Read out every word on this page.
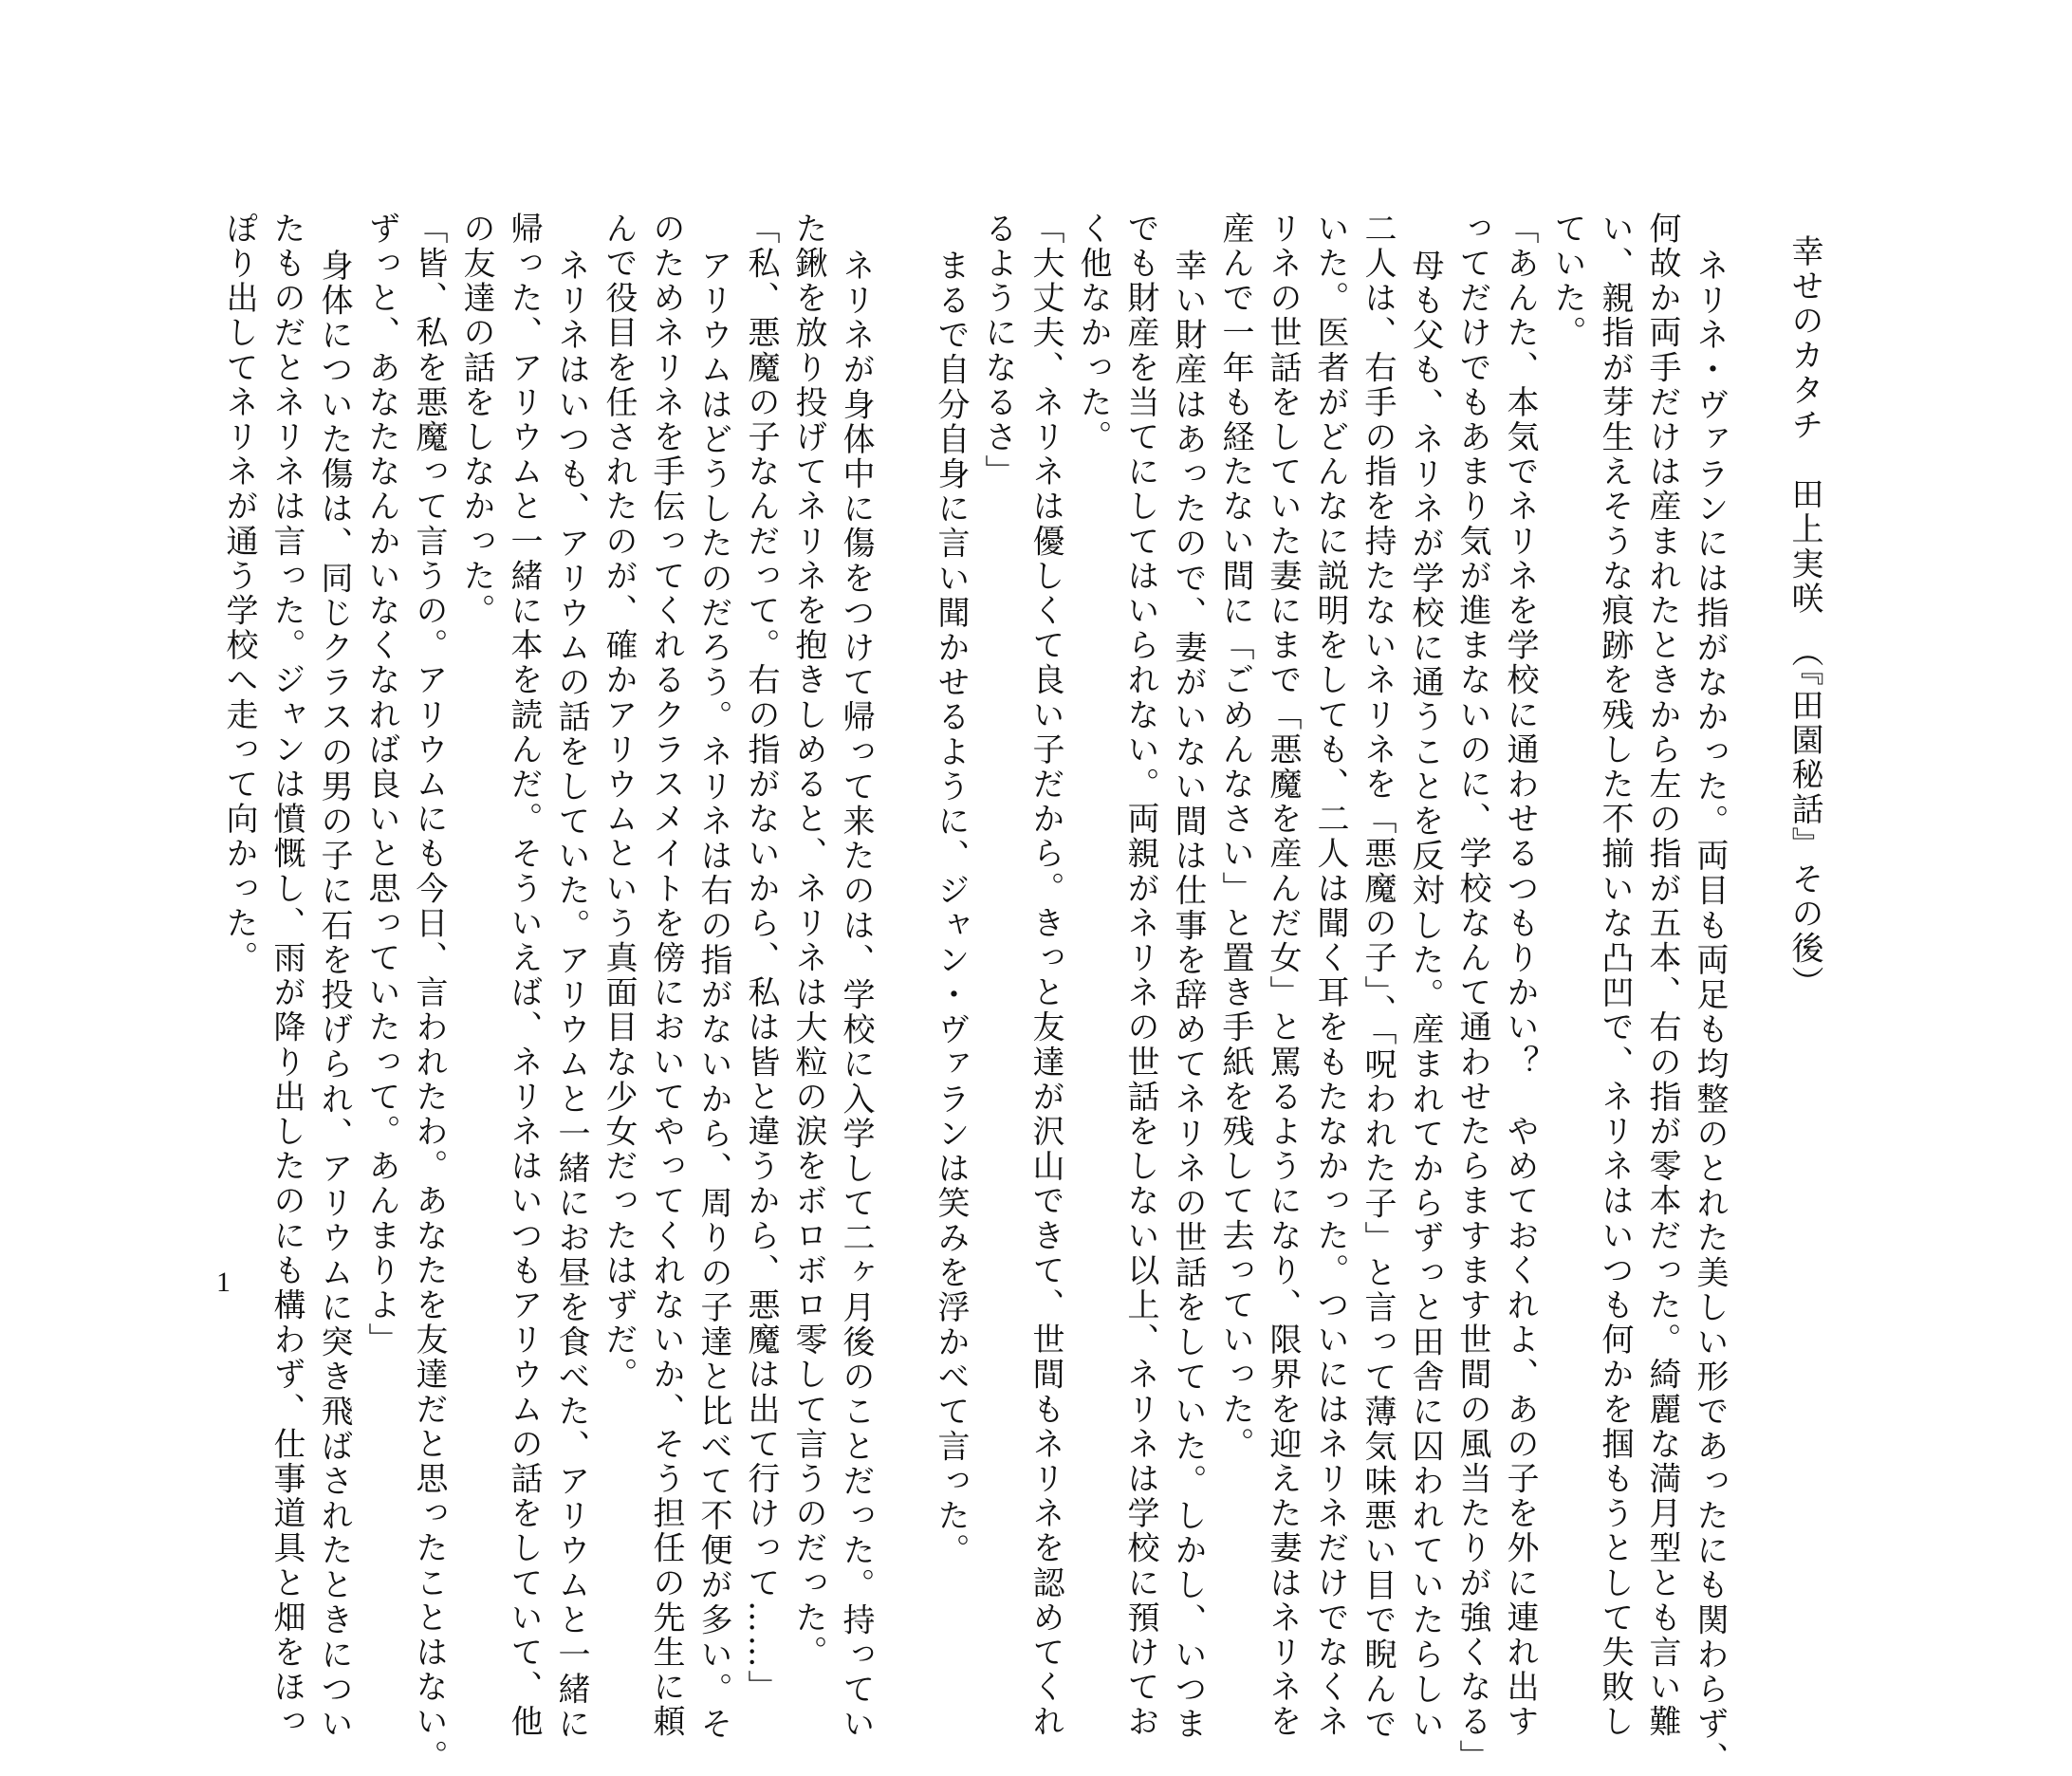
幸せのカタチ　田上実咲　（『田園秘話』その後）
ネリネ・ヴァランには指がなかった。両目も両足も均整のとれた美しい形であったにも関わらず、
何故か両手だけは産まれたときから左の指が五本、右の指が零本だった。綺麗な満月型とも言い難
い、親指が芽生えそうな痕跡を残した不揃いな凸凹で、ネリネはいつも何かを掴もうとして失敗し
ていた。
「あんた、本気でネリネを学校に通わせるつもりかい？　やめておくれよ、あの子を外に連れ出す
ってだけでもあまり気が進まないのに、学校なんて通わせたらますます世間の風当たりが強くなる」
母も父も、ネリネが学校に通うことを反対した。産まれてからずっと田舎に囚われていたらしい
二人は、右手の指を持たないネリネを「悪魔の子」、「呪われた子」と言って薄気味悪い目で睨んで
いた。医者がどんなに説明をしても、二人は聞く耳をもたなかった。ついにはネリネだけでなくネ
リネの世話をしていた妻にまで「悪魔を産んだ女」と罵るようになり、限界を迎えた妻はネリネを
産んで一年も経たない間に「ごめんなさい」と置き手紙を残して去っていった。
幸い財産はあったので、妻がいない間は仕事を辞めてネリネの世話をしていた。しかし、いつま
でも財産を当てにしてはいられない。両親がネリネの世話をしない以上、ネリネは学校に預けてお
く他なかった。
「大丈夫、ネリネは優しくて良い子だから。きっと友達が沢山できて、世間もネリネを認めてくれ
るようになるさ」
まるで自分自身に言い聞かせるように、ジャン・ヴァランは笑みを浮かべて言った。
ネリネが身体中に傷をつけて帰って来たのは、学校に入学して二ヶ月後のことだった。持ってい
た鍬を放り投げてネリネを抱きしめると、ネリネは大粒の涙をボロボロ零して言うのだった。
「私、悪魔の子なんだって。右の指がないから、私は皆と違うから、悪魔は出て行けって……」
アリウムはどうしたのだろう。ネリネは右の指がないから、周りの子達と比べて不便が多い。そ
のためネリネを手伝ってくれるクラスメイトを傍においてやってくれないか、そう担任の先生に頼
んで役目を任されたのが、確かアリウムという真面目な少女だったはずだ。
ネリネはいつも、アリウムの話をしていた。アリウムと一緒にお昼を食べた、アリウムと一緒に
帰った、アリウムと一緒に本を読んだ。そういえば、ネリネはいつもアリウムの話をしていて、他
の友達の話をしなかった。
「皆、私を悪魔って言うの。アリウムにも今日、言われたわ。あなたを友達だと思ったことはない。
ずっと、あなたなんかいなくなれば良いと思っていたって。あんまりよ」
身体についた傷は、同じクラスの男の子に石を投げられ、アリウムに突き飛ばされたときについ
たものだとネリネは言った。ジャンは憤慨し、雨が降り出したのにも構わず、仕事道具と畑をほっ
ぽり出してネリネが通う学校へ走って向かった。
1
